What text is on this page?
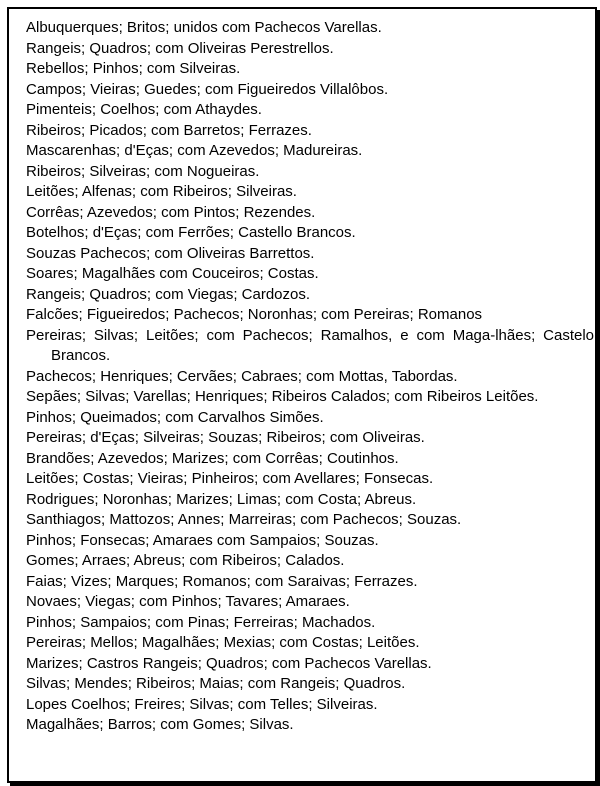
Albuquerques; Britos; unidos com Pachecos Varellas.
Rangeis; Quadros; com Oliveiras Perestrellos.
Rebellos; Pinhos; com Silveiras.
Campos; Vieiras; Guedes; com Figueiredos Villalôbos.
Pimenteis; Coelhos; com Athaydes.
Ribeiros; Picados; com Barretos; Ferrazes.
Mascarenhas; d'Eças; com Azevedos; Madureiras.
Ribeiros; Silveiras; com Nogueiras.
Leitões; Alfenas; com Ribeiros; Silveiras.
Corrêas; Azevedos; com Pintos; Rezendes.
Botelhos; d'Eças; com Ferrões; Castello Brancos.
Souzas Pachecos; com Oliveiras Barrettos.
Soares; Magalhães com Couceiros; Costas.
Rangeis; Quadros; com Viegas; Cardozos.
Falcões; Figueiredos; Pachecos; Noronhas; com Pereiras; Romanos
Pereiras; Silvas; Leitões; com Pachecos; Ramalhos, e com Maga-lhães; Castelo Brancos.
Pachecos; Henriques; Cervães; Cabraes; com Mottas, Tabordas.
Sepães; Silvas; Varellas; Henriques; Ribeiros Calados; com Ribeiros Leitões.
Pinhos; Queimados; com Carvalhos Simões.
Pereiras; d'Eças; Silveiras; Souzas; Ribeiros; com Oliveiras.
Brandões; Azevedos; Marizes; com Corrêas; Coutinhos.
Leitões; Costas; Vieiras; Pinheiros; com Avellares; Fonsecas.
Rodrigues; Noronhas; Marizes; Limas; com Costa; Abreus.
Santhiagos; Mattozos; Annes; Marreiras; com Pachecos; Souzas.
Pinhos; Fonsecas; Amaraes com Sampaios; Souzas.
Gomes; Arraes; Abreus; com Ribeiros; Calados.
Faias; Vizes; Marques; Romanos; com Saraivas; Ferrazes.
Novaes; Viegas; com Pinhos; Tavares; Amaraes.
Pinhos; Sampaios; com Pinas; Ferreiras; Machados.
Pereiras; Mellos; Magalhães; Mexias; com Costas; Leitões.
Marizes; Castros Rangeis; Quadros; com Pachecos Varellas.
Silvas; Mendes; Ribeiros; Maias; com Rangeis; Quadros.
Lopes Coelhos; Freires; Silvas; com Telles; Silveiras.
Magalhães; Barros; com Gomes; Silvas.
